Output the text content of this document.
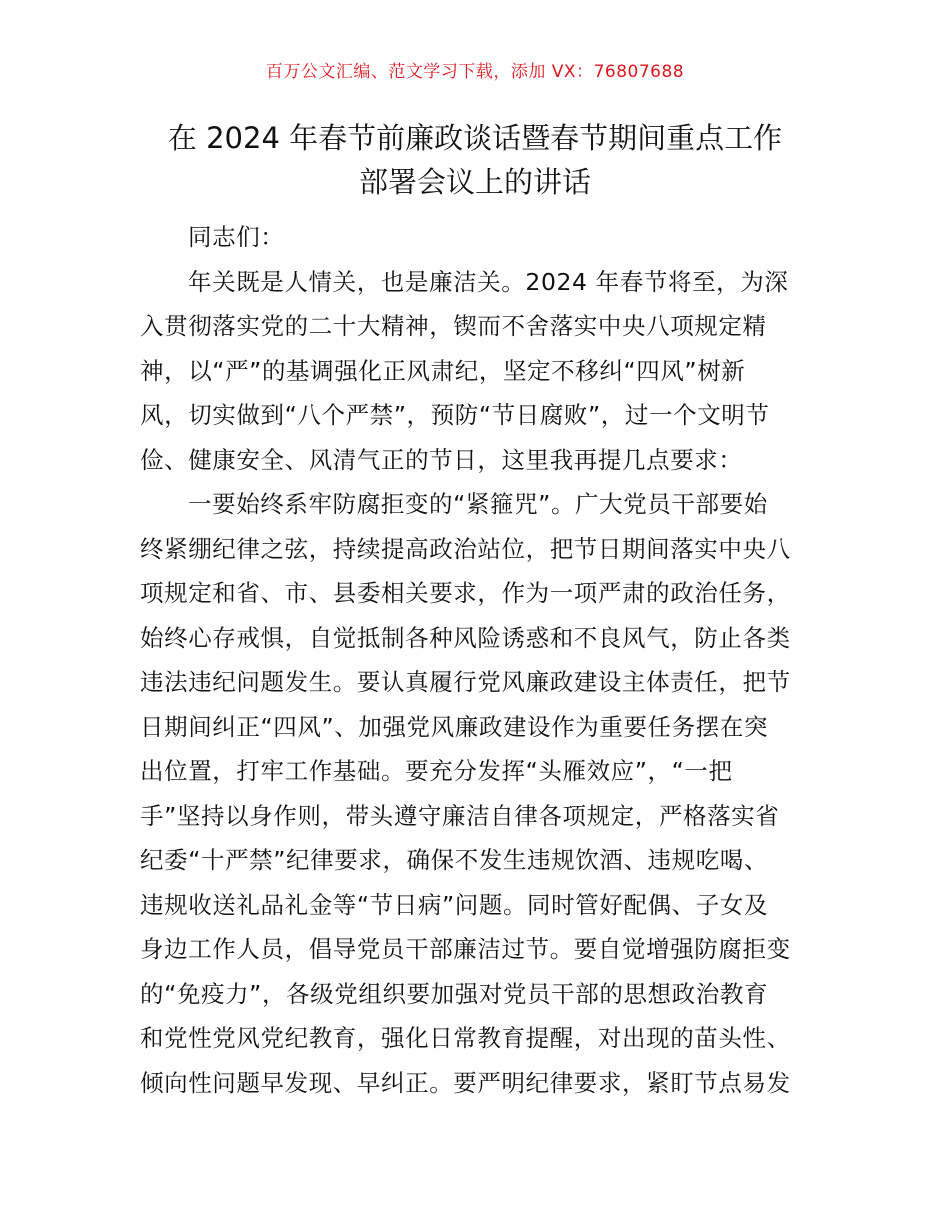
百万公文汇编、范文学习下载，添加 VX：76807688
在 2024 年春节前廉政谈话暨春节期间重点工作
部署会议上的讲话

同志们：

年关既是人情关，也是廉洁关。2024 年春节将至，为深
入贯彻落实党的二十大精神，锲而不舍落实中央八项规定精
神，以“严”的基调强化正风肃纪，坚定不移纠“四风”树新
风，切实做到“八个严禁”，预防“节日腐败”，过一个文明节
俭、健康安全、风清气正的节日，这里我再提几点要求：

一要始终系牢防腐拒变的“紧箍咒”。广大党员干部要始
终紧绷纪律之弦，持续提高政治站位，把节日期间落实中央八
项规定和省、市、县委相关要求，作为一项严肃的政治任务，
始终心存戒惧，自觉抵制各种风险诱惑和不良风气，防止各类
违法违纪问题发生。要认真履行党风廉政建设主体责任，把节
日期间纠正“四风”、加强党风廉政建设作为重要任务摆在突
出位置，打牢工作基础。要充分发挥“头雁效应”，“一把
手”坚持以身作则，带头遵守廉洁自律各项规定，严格落实省
纪委“十严禁”纪律要求，确保不发生违规饮酒、违规吃喝、
违规收送礼品礼金等“节日病”问题。同时管好配偶、子女及
身边工作人员，倡导党员干部廉洁过节。要自觉增强防腐拒变
的“免疫力”，各级党组织要加强对党员干部的思想政治教育
和党性党风党纪教育，强化日常教育提醒，对出现的苗头性、
倾向性问题早发现、早纠正。要严明纪律要求，紧盯节点易发
